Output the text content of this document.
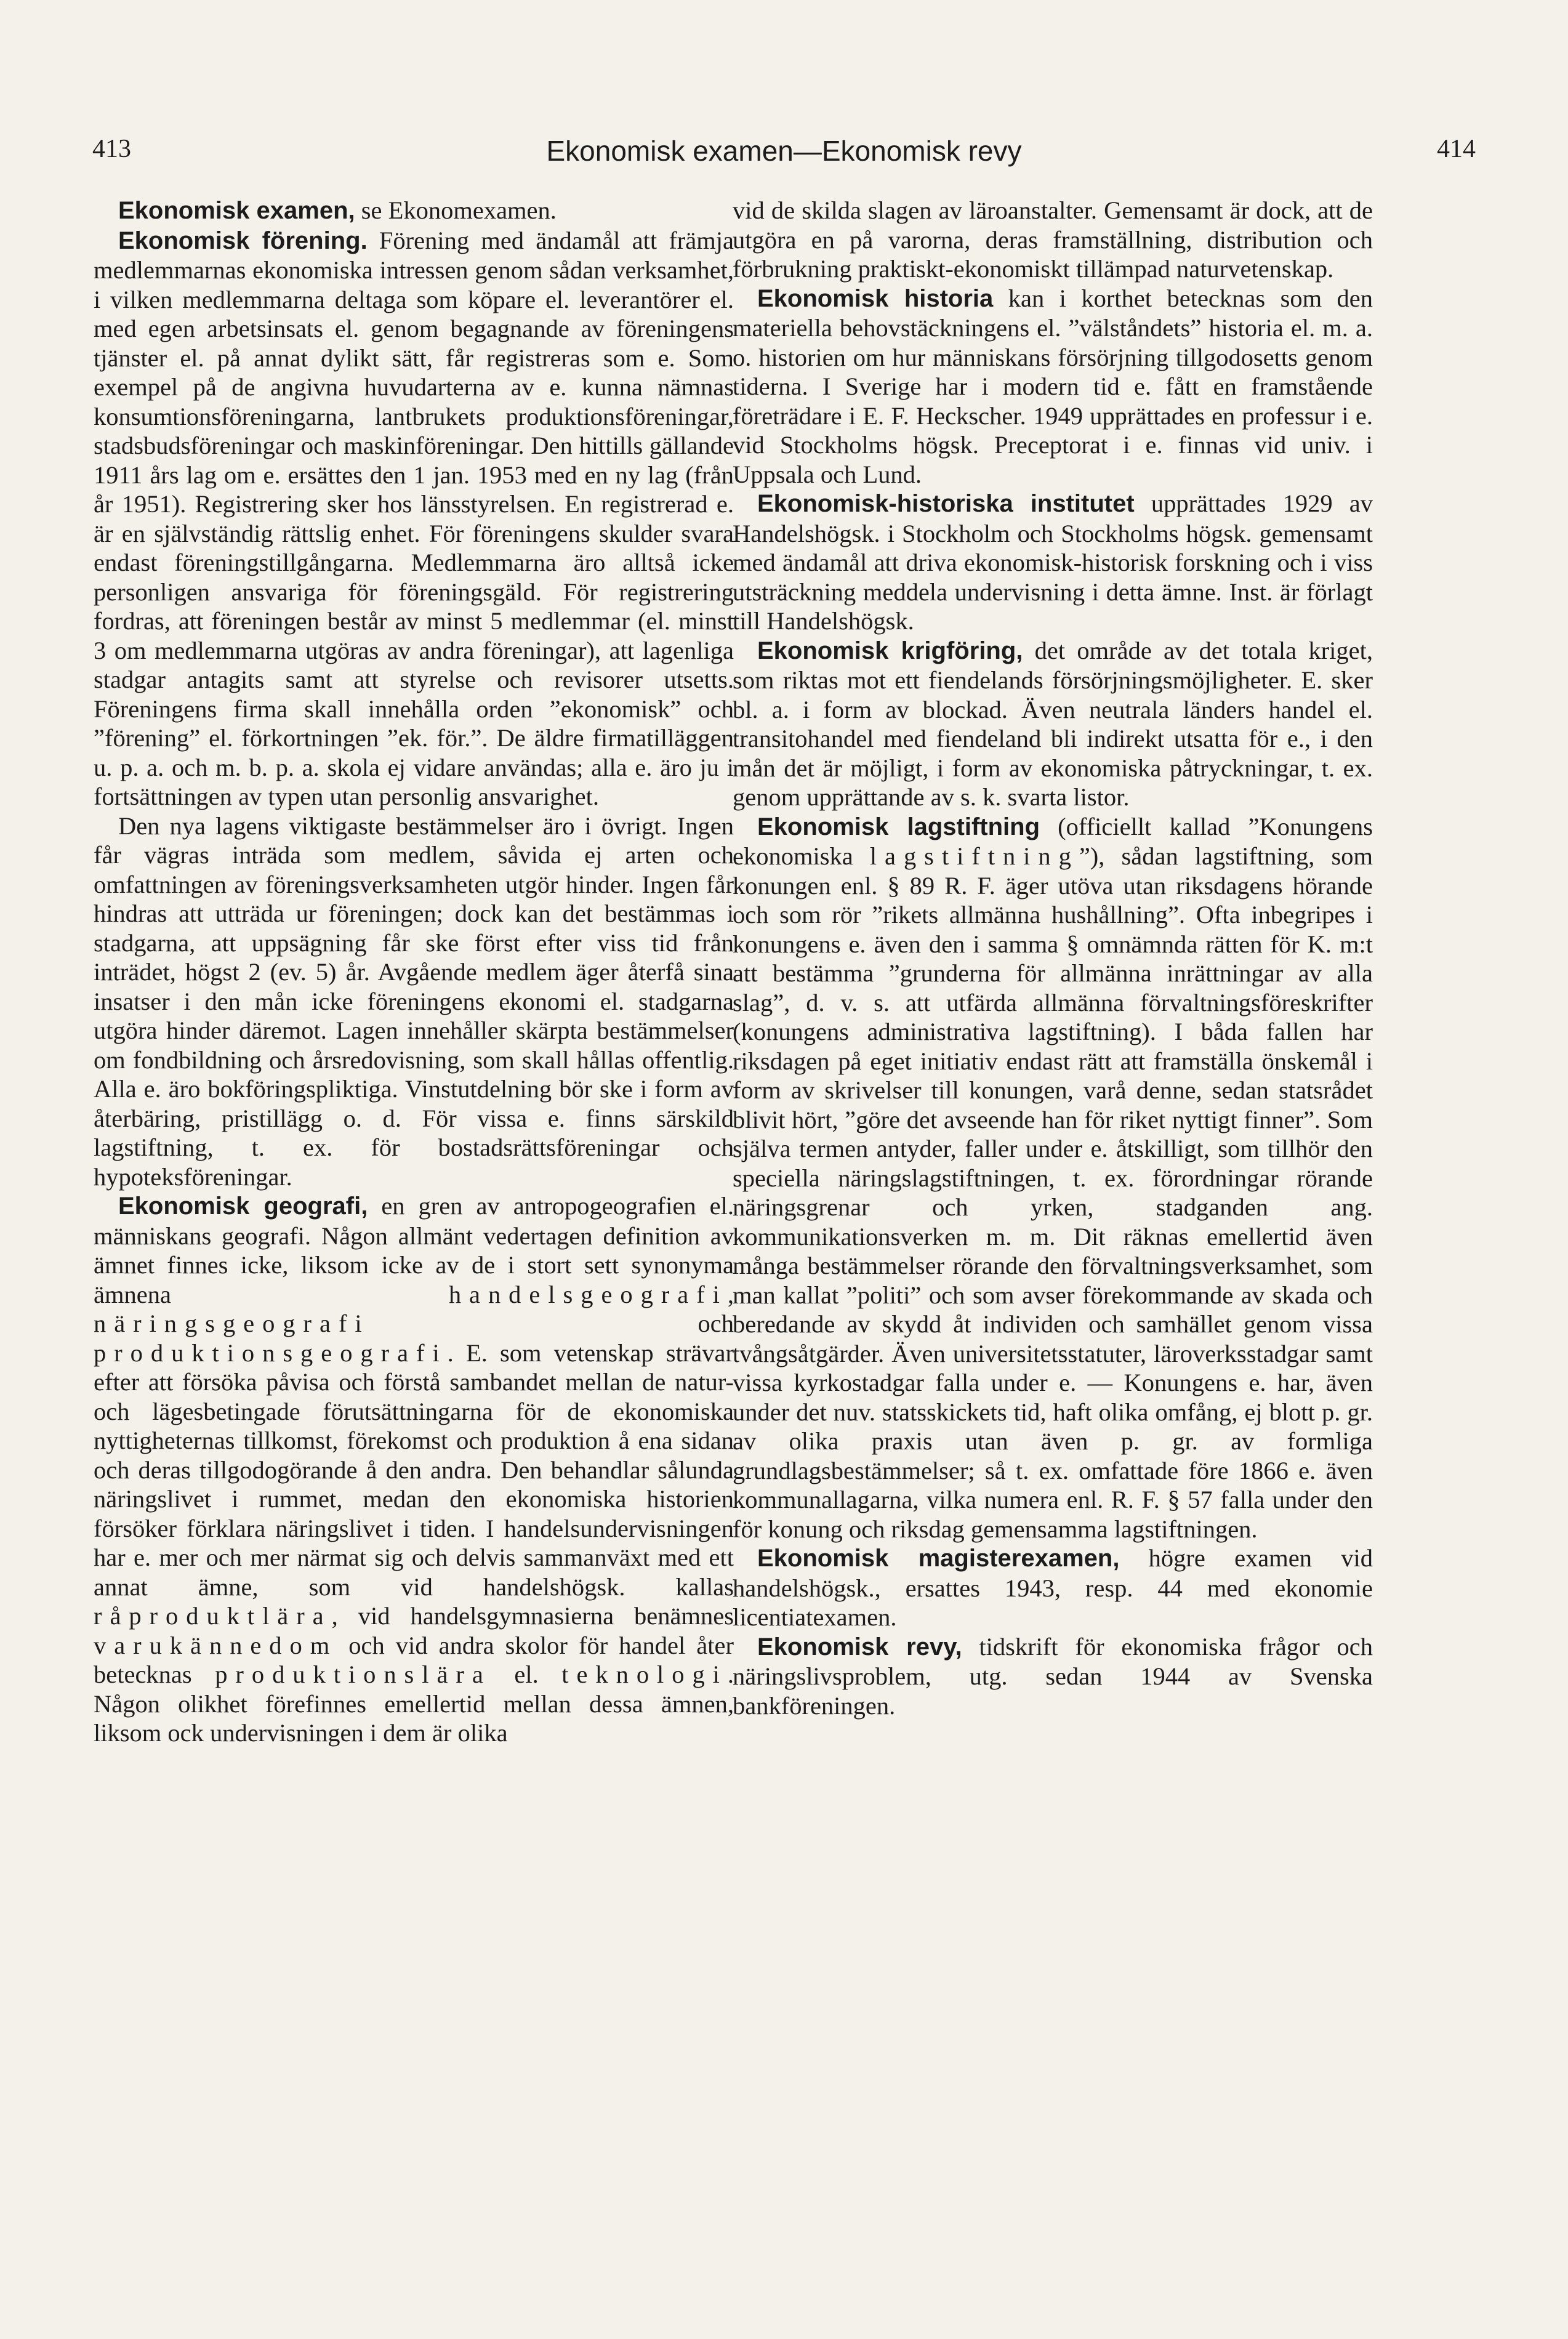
413	Ekonomisk examen—Ekonomisk revy	414

Ekonomisk examen, se Ekonomexamen.

Ekonomisk förening. Förening med ändamål att främja medlemmarnas ekonomiska intressen genom sådan verksamhet, i vilken medlemmarna deltaga som köpare el. leverantörer el. med egen arbetsinsats el. genom begagnande av föreningens tjänster el. på annat dylikt sätt, får registreras som e. Som exempel på de angivna huvudarterna av e. kunna nämnas konsumtionsföreningarna, lantbrukets produktionsföreningar, stadsbudsföreningar och maskinföreningar. Den hittills gällande 1911 års lag om e. ersättes den 1 jan. 1953 med en ny lag (från år 1951). Registrering sker hos länsstyrelsen. En registrerad e. är en självständig rättslig enhet. För föreningens skulder svara endast föreningstillgångarna. Medlemmarna äro alltså icke personligen ansvariga för föreningsgäld. För registrering fordras, att föreningen består av minst 5 medlemmar (el. minst 3 om medlemmarna utgöras av andra föreningar), att lagenliga stadgar antagits samt att styrelse och revisorer utsetts. Föreningens firma skall innehålla orden ”ekonomisk” och ”förening” el. förkortningen ”ek. för.”. De äldre firmatilläggen u. p. a. och m. b. p. a. skola ej vidare användas; alla e. äro ju i fortsättningen av typen utan personlig ansvarighet.

Den nya lagens viktigaste bestämmelser äro i övrigt. Ingen får vägras inträda som medlem, såvida ej arten och omfattningen av föreningsverksamheten utgör hinder. Ingen får hindras att utträda ur föreningen; dock kan det bestämmas i stadgarna, att uppsägning får ske först efter viss tid från inträdet, högst 2 (ev. 5) år. Avgående medlem äger återfå sina insatser i den mån icke föreningens ekonomi el. stadgarna utgöra hinder däremot. Lagen innehåller skärpta bestämmelser om fondbildning och årsredovisning, som skall hållas offentlig. Alla e. äro bokföringspliktiga. Vinstutdelning bör ske i form av återbäring, pristillägg o. d. För vissa e. finns särskild lagstiftning, t. ex. för bostadsrättsföreningar och hypoteksföreningar.

Ekonomisk geografi, en gren av antropogeografien el. människans geografi. Någon allmänt vedertagen definition av ämnet finnes icke, liksom icke av de i stort sett synonyma ämnena handelsgeografi, näringsgeografi och produktionsgeografi. E. som vetenskap strävar efter att försöka påvisa och förstå sambandet mellan de natur- och lägesbetingade förutsättningarna för de ekonomiska nyttigheternas tillkomst, förekomst och produktion å ena sidan och deras tillgodogörande å den andra. Den behandlar sålunda näringslivet i rummet, medan den ekonomiska historien försöker förklara näringslivet i tiden. I handelsundervisningen har e. mer och mer närmat sig och delvis sammanväxt med ett annat ämne, som vid handelshögsk. kallas råproduktlära, vid handelsgymnasierna benämnes varukännedom och vid andra skolor för handel åter betecknas produktionslära el. teknologi. Någon olikhet förefinnes emellertid mellan dessa ämnen, liksom ock undervisningen i dem är olika

vid de skilda slagen av läroanstalter. Gemensamt är dock, att de utgöra en på varorna, deras framställning, distribution och förbrukning praktiskt-ekonomiskt tillämpad naturvetenskap.

Ekonomisk historia kan i korthet betecknas som den materiella behovstäckningens el. ”välståndets” historia el. m. a. o. historien om hur människans försörjning tillgodosetts genom tiderna. I Sverige har i modern tid e. fått en framstående företrädare i E. F. Heckscher. 1949 upprättades en professur i e. vid Stockholms högsk. Preceptorat i e. finnas vid univ. i Uppsala och Lund.

Ekonomisk-historiska institutet upprättades 1929 av Handelshögsk. i Stockholm och Stockholms högsk. gemensamt med ändamål att driva ekonomisk-historisk forskning och i viss utsträckning meddela undervisning i detta ämne. Inst. är förlagt till Handelshögsk.

Ekonomisk krigföring, det område av det totala kriget, som riktas mot ett fiendelands försörjningsmöjligheter. E. sker bl. a. i form av blockad. Även neutrala länders handel el. transitohandel med fiendeland bli indirekt utsatta för e., i den mån det är möjligt, i form av ekonomiska påtryckningar, t. ex. genom upprättande av s. k. svarta listor.

Ekonomisk lagstiftning (officiellt kallad ”Konungens ekonomiska lagstiftning”), sådan lagstiftning, som konungen enl. § 89 R. F. äger utöva utan riksdagens hörande och som rör ”rikets allmänna hushållning”. Ofta inbegripes i konungens e. även den i samma § omnämnda rätten för K. m:t att bestämma ”grunderna för allmänna inrättningar av alla slag”, d. v. s. att utfärda allmänna förvaltningsföreskrifter (konungens administrativa lagstiftning). I båda fallen har riksdagen på eget initiativ endast rätt att framställa önskemål i form av skrivelser till konungen, varå denne, sedan statsrådet blivit hört, ”göre det avseende han för riket nyttigt finner”. Som själva termen antyder, faller under e. åtskilligt, som tillhör den speciella näringslagstiftningen, t. ex. förordningar rörande näringsgrenar och yrken, stadganden ang. kommunikationsverken m. m. Dit räknas emellertid även många bestämmelser rörande den förvaltningsverksamhet, som man kallat ”politi” och som avser förekommande av skada och beredande av skydd åt individen och samhället genom vissa tvångsåtgärder. Även universitetsstatuter, läroverksstadgar samt vissa kyrkostadgar falla under e. — Konungens e. har, även under det nuv. statsskickets tid, haft olika omfång, ej blott p. gr. av olika praxis utan även p. gr. av formliga grundlagsbestämmelser; så t. ex. omfattade före 1866 e. även kommunallagarna, vilka numera enl. R. F. § 57 falla under den för konung och riksdag gemensamma lagstiftningen.

Ekonomisk magisterexamen, högre examen vid handelshögsk., ersattes 1943, resp. 44 med ekonomie licentiatexamen.

Ekonomisk revy, tidskrift för ekonomiska frågor och näringslivsproblem, utg. sedan 1944 av Svenska bankföreningen.
